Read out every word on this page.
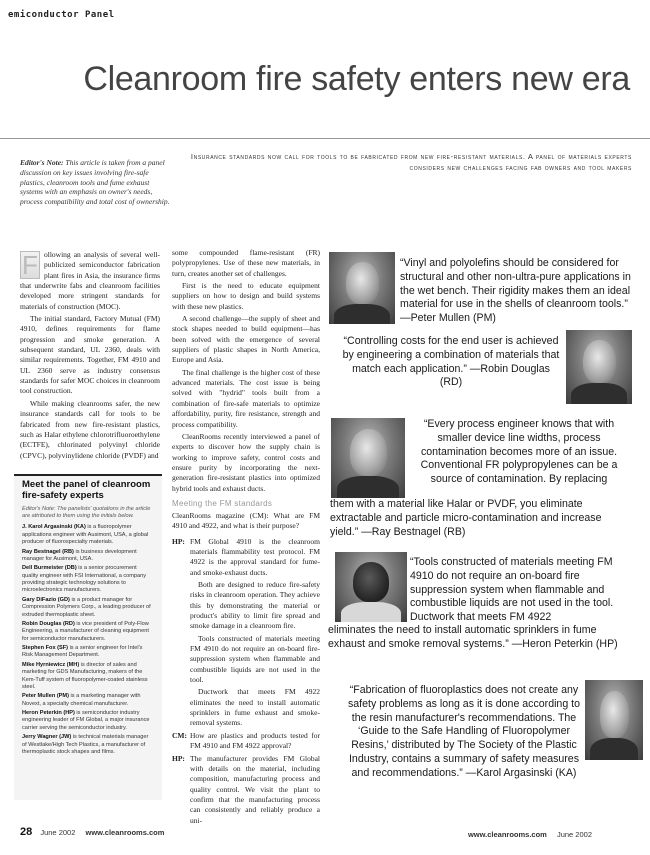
emiconductor Panel
Cleanroom fire safety enters new era
Editor's Note: This article is taken from a panel discussion on key issues involving fire-safe plastics, cleanroom tools and fume exhaust systems with an emphasis on owner's needs, process compatibility and total cost of ownership.
Insurance standards now call for tools to be fabricated from new fire-resistant materials. A panel of materials experts considers new challenges facing fab owners and tool makers

F ollowing an analysis of several well-publicized semiconductor fabrication plant fires in Asia, the insurance firms that underwrite fabs and cleanroom facilities developed more stringent standards for materials of construction (MOC).

The initial standard, Factory Mutual (FM) 4910, defines requirements for flame progression and smoke generation. A subsequent standard, UL 2360, deals with similar requirements. Together, FM 4910 and UL 2360 serve as industry consensus standards for safer MOC choices in cleanroom tool construction.

While making cleanrooms safer, the new insurance standards call for tools to be fabricated from new fire-resistant plastics, such as Halar ethylene chlorotrifluoroethylene (ECTFE), chlorinated polyvinyl chloride (CPVC), polyvinylidene chloride (PVDF) and

Meet the panel of cleanroom fire-safety experts
Editor's Note: The panelists' quotations in the article are attributed to them using the initials below.
J. Karol Argasinski (KA) is a fluoropolymer applications engineer with Ausimont, USA, a global producer of fluorospecialty materials.
Ray Bestnagel (RB) is business development manager for Ausimont, USA.
Dell Burmeister (DB) is a senior procurement quality engineer with FSI International, a company providing strategic technology solutions to microelectronics manufacturers.
Gary DiFazio (GD) is a product manager for Compression Polymers Corp., a leading producer of extruded thermoplastic sheet.
Robin Douglas (RD) is vice president of Poly-Flow Engineering, a manufacturer of cleaning equipment for semiconductor manufacturers.
Stephen Fox (SF) is a senior engineer for Intel's Risk Management Department.
Mike Hyrniewicz (MH) is director of sales and marketing for GDS Manufacturing, makers of the Kem-Tuff system of fluoropolymer-coated stainless steel.
Peter Mullen (PM) is a marketing manager with Novext, a specialty chemical manufacturer.
Heron Peterkin (HP) is semiconductor industry engineering leader of FM Global, a major insurance carrier serving the semiconductor industry.
Jerry Wagner (JW) is technical materials manager of Westlake/High Tech Plastics, a manufacturer of thermoplastic stock shapes and films.

some compounded flame-resistant (FR) polypropylenes. Use of these new materials, in turn, creates another set of challenges.

First is the need to educate equipment suppliers on how to design and build systems with these new plastics.

A second challenge—the supply of sheet and stock shapes needed to build equipment—has been solved with the emergence of several suppliers of plastic shapes in North America, Europe and Asia.

The final challenge is the higher cost of these advanced materials. The cost issue is being solved with "hydrid" tools built from a combination of fire-safe materials to optimize affordability, purity, fire resistance, strength and process compatibility.

CleanRooms recently interviewed a panel of experts to discover how the supply chain is working to improve safety, control costs and ensure purity by incorporating the next-generation fire-resistant plastics into optimized hybrid tools and exhaust ducts.

Meeting the FM standards

CleanRooms magazine (CM): What are FM 4910 and 4922, and what is their purpose?

HP: FM Global 4910 is the cleanroom materials flammability test protocol. FM 4922 is the approval standard for fume- and smoke-exhaust ducts.

Both are designed to reduce fire-safety risks in cleanroom operation. They achieve this by demonstrating the material or product's ability to limit fire spread and smoke damage in a cleanroom fire.

Tools constructed of materials meeting FM 4910 do not require an on-board fire-suppression system when flammable and combustible liquids are not used in the tool.

Ductwork that meets FM 4922 eliminates the need to install automatic sprinklers in fume exhaust and smoke-removal systems.

CM: How are plastics and products tested for FM 4910 and FM 4922 approval?

HP: The manufacturer provides FM Global with details on the material, including composition, manufacturing process and quality control. We visit the plant to confirm that the manufacturing process can consistently and reliably produce a uni-

“Vinyl and polyolefins should be considered for structural and other non-ultra-pure applications in the wet bench. Their rigidity makes them an ideal material for use in the shells of cleanroom tools.” —Peter Mullen (PM)
“Controlling costs for the end user is achieved by engineering a combination of materials that match each application.” —Robin Douglas (RD)
“Every process engineer knows that with smaller device line widths, process contamination becomes more of an issue. Conventional FR polypropylenes can be a source of contamination. By replacing
them with a material like Halar or PVDF, you eliminate extractable and particle micro-contamination and increase yield.” —Ray Bestnagel (RB)
“Tools constructed of materials meeting FM 4910 do not require an on-board fire suppression system when flammable and combustible liquids are not used in the tool. Ductwork that meets FM 4922
eliminates the need to install automatic sprinklers in fume exhaust and smoke removal systems.” —Heron Peterkin (HP)
“Fabrication of fluoroplastics does not create any safety problems as long as it is done according to the resin manufacturer's recommendations. The ‘Guide to the Safe Handling of Fluoropolymer Resins,’ distributed by The Society of the Plastic Industry, contains a summary of safety measures and recommendations.” —Karol Argasinski (KA)
28 June 2002 www.cleanrooms.com	www.cleanrooms.com June 2002
